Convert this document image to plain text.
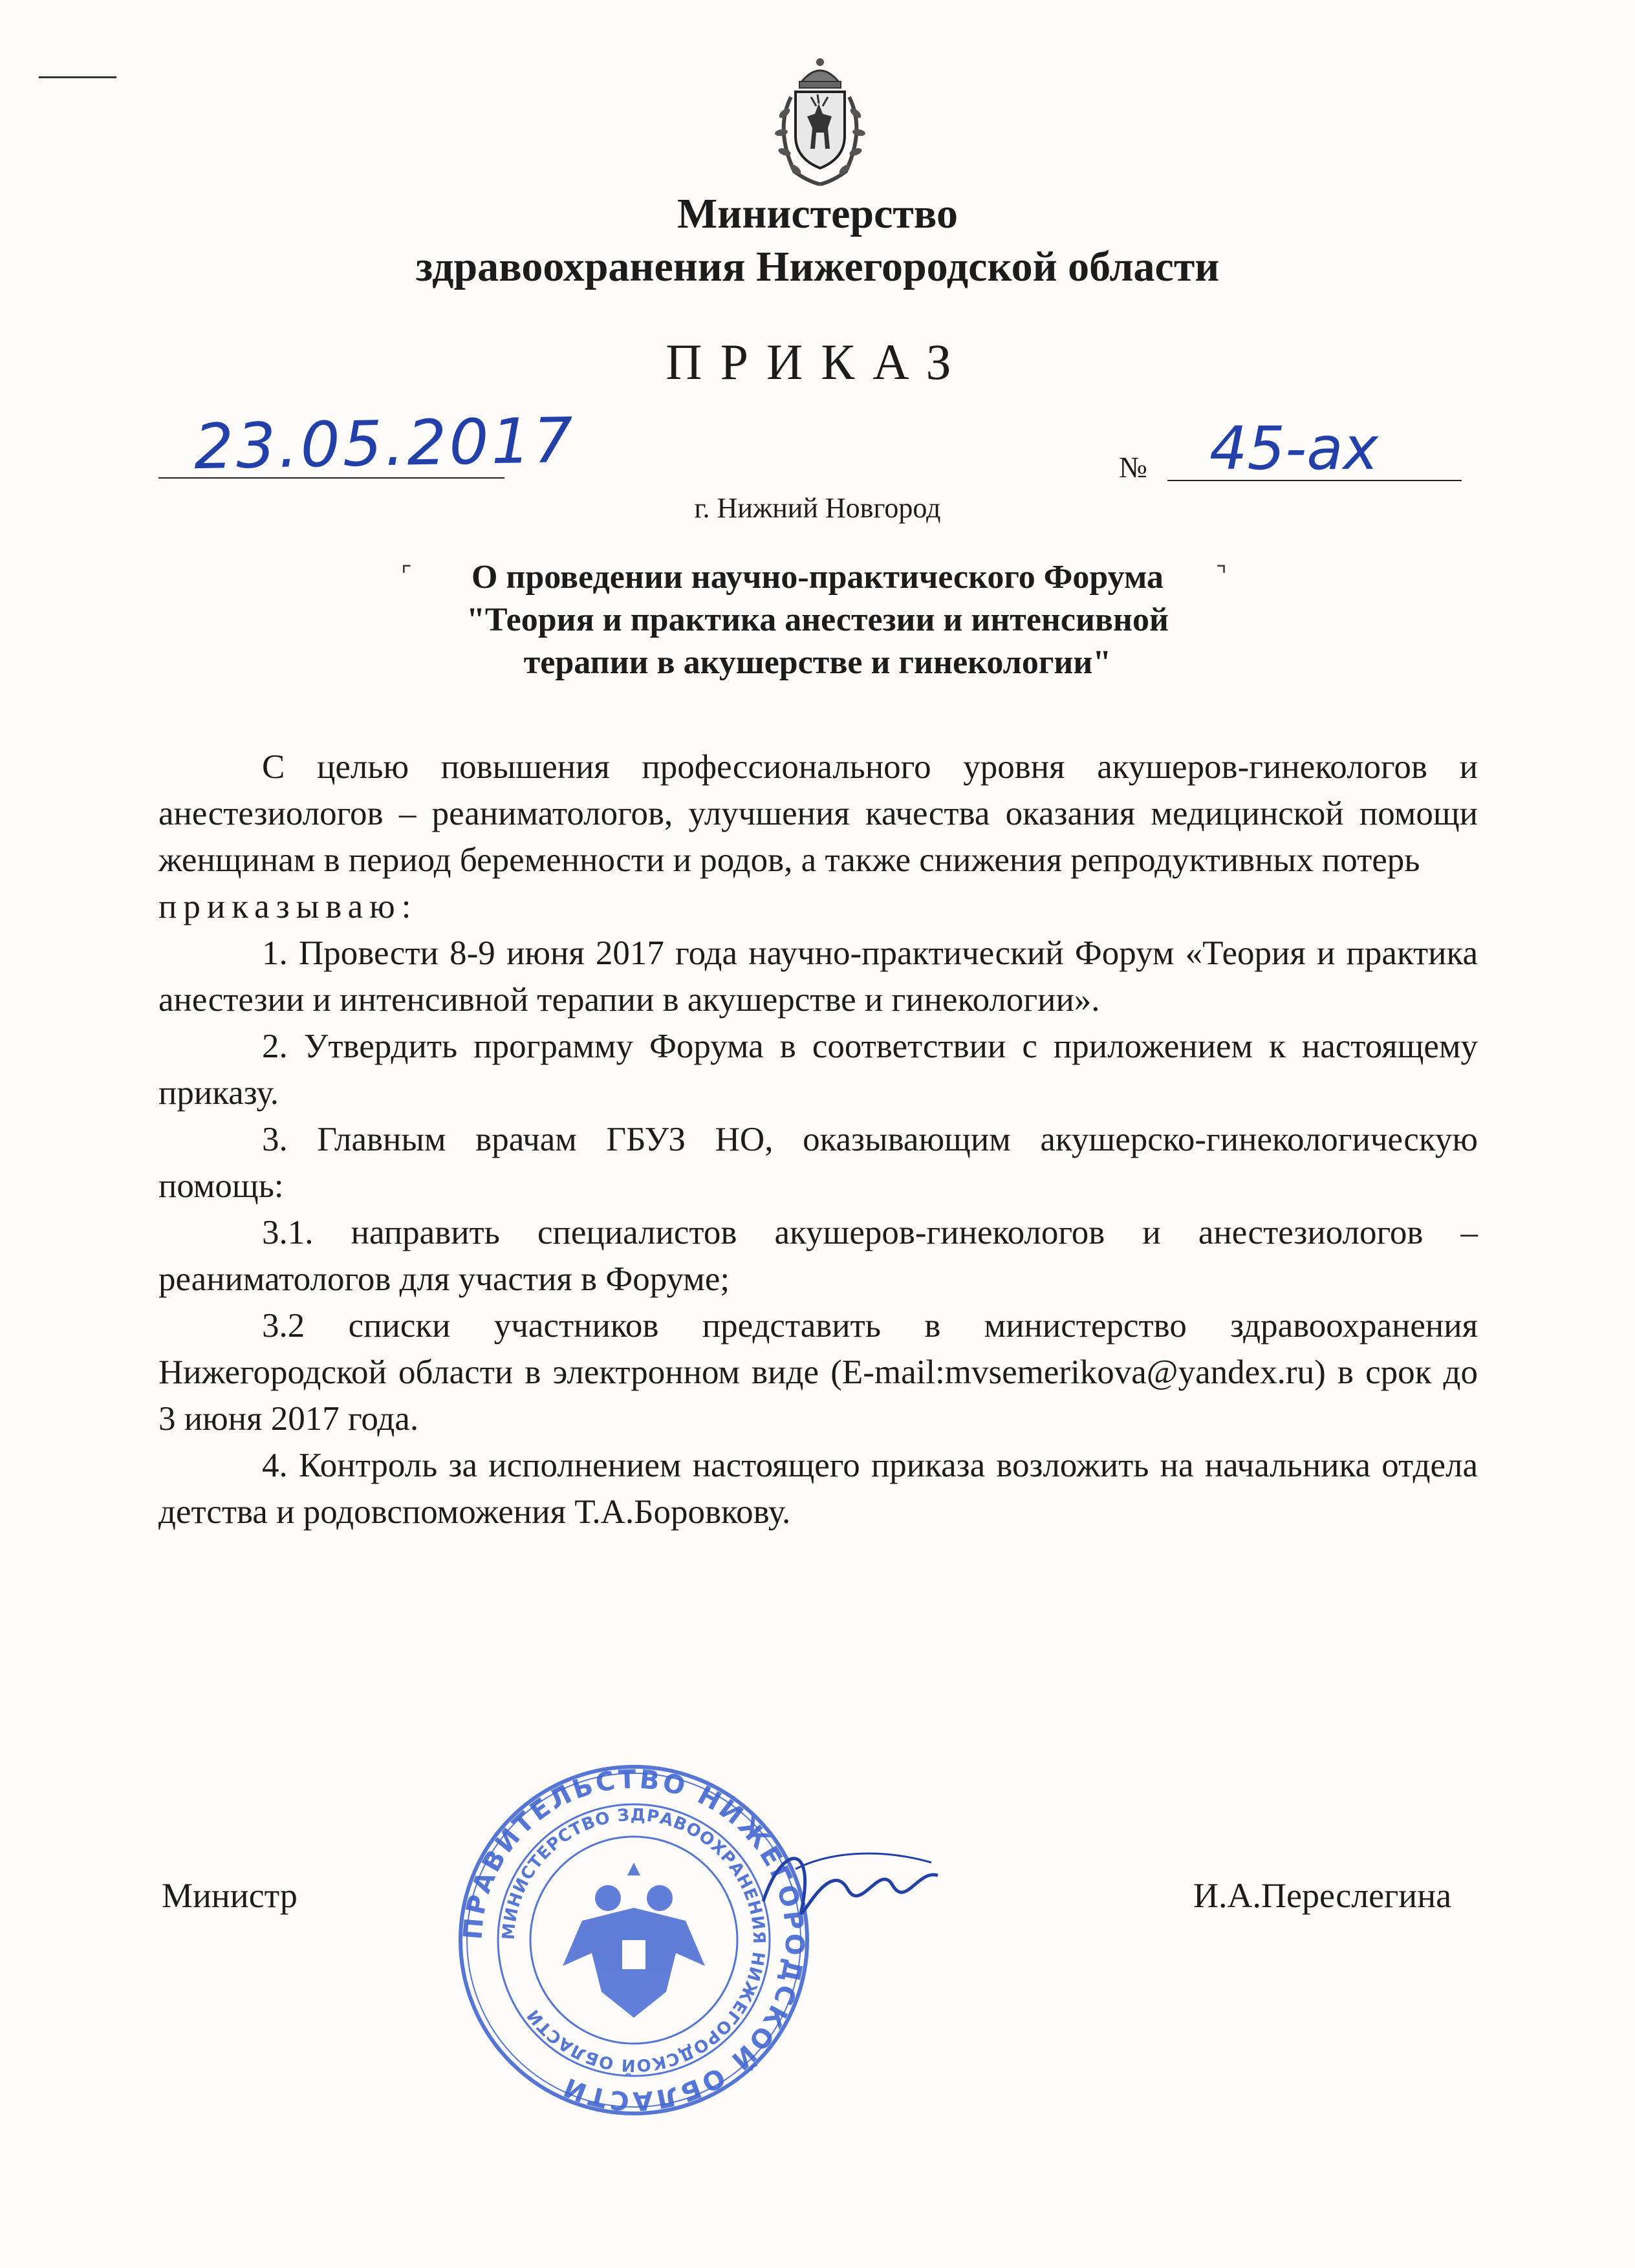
Министерство
здравоохранения Нижегородской области
ПРИКАЗ
23.05.2017	№ 45-ах
г. Нижний Новгород
⌜	⌝
О проведении научно-практического Форума
"Теория и практика анестезии и интенсивной
терапии в акушерстве и гинекологии"

С целью повышения профессионального уровня акушеров-гинекологов и анестезиологов – реаниматологов, улучшения качества оказания медицинской помощи женщинам в период беременности и родов, а также снижения репродуктивных потерь

приказываю:

1. Провести 8-9 июня 2017 года научно-практический Форум «Теория и практика анестезии и интенсивной терапии в акушерстве и гинекологии».

2. Утвердить программу Форума в соответствии с приложением к настоящему приказу.

3. Главным врачам ГБУЗ НО, оказывающим акушерско-гинекологическую помощь:

3.1. направить специалистов акушеров-гинекологов и анестезиологов – реаниматологов для участия в Форуме;

3.2 списки участников представить в министерство здравоохранения Нижегородской области в электронном виде (E-mail:mvsemerikova@yandex.ru) в срок до 3 июня 2017 года.

4. Контроль за исполнением настоящего приказа возложить на начальника отдела детства и родовспоможения Т.А.Боровкову.

ПРАВИТЕЛЬСТВО НИЖЕГОРОДСКОЙ ОБЛАСТИ
МИНИСТЕРСТВО ЗДРАВООХРАНЕНИЯ НИЖЕГОРОДСКОЙ ОБЛАСТИ
Министр	И.А.Переслегина
